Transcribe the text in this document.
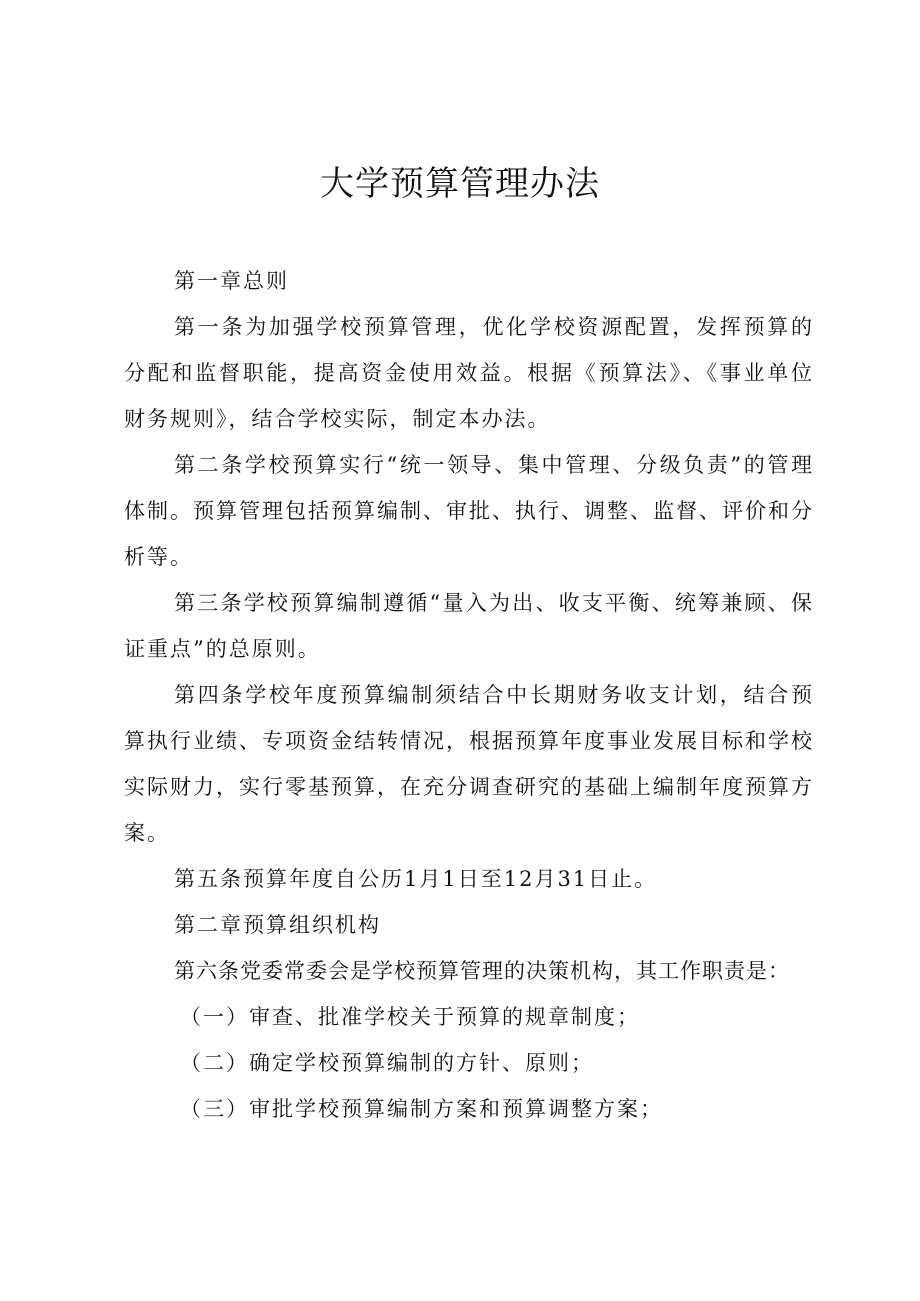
大学预算管理办法

第一章总则

第一条为加强学校预算管理，优化学校资源配置，发挥预算的分配和监督职能，提高资金使用效益。根据《预算法》、《事业单位财务规则》，结合学校实际，制定本办法。

第二条学校预算实行“统一领导、集中管理、分级负责”的管理体制。预算管理包括预算编制、审批、执行、调整、监督、评价和分析等。

第三条学校预算编制遵循“量入为出、收支平衡、统筹兼顾、保证重点”的总原则。

第四条学校年度预算编制须结合中长期财务收支计划，结合预算执行业绩、专项资金结转情况，根据预算年度事业发展目标和学校实际财力，实行零基预算，在充分调查研究的基础上编制年度预算方案。

第五条预算年度自公历1月1日至12月31日止。

第二章预算组织机构

第六条党委常委会是学校预算管理的决策机构，其工作职责是：

（一）审查、批准学校关于预算的规章制度；

（二）确定学校预算编制的方针、原则；

（三）审批学校预算编制方案和预算调整方案；
